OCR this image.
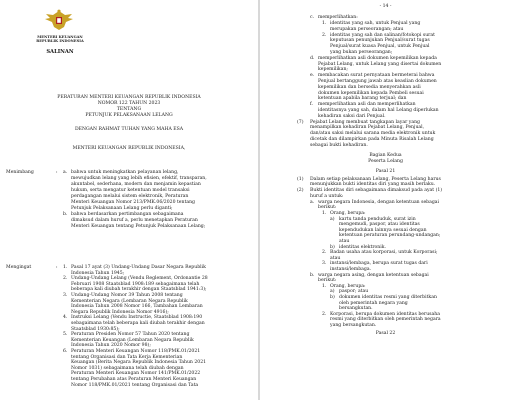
MENTERI KEUANGAN
REPUBLIK INDONESIA
SALINAN
PERATURAN MENTERI KEUANGAN REPUBLIK INDONESIA
NOMOR 122 TAHUN 2023
TENTANG
PETUNJUK PELAKSANAAN LELANG
DENGAN RAHMAT TUHAN YANG MAHA ESA
MENTERI KEUANGAN REPUBLIK INDONESIA,
Menimbang	: a. bahwa untuk meningkatkan pelayanan lelang,
mewujudkan lelang yang lebih efisien, efektif, transparan,
akuntabel, sederhana, modern dan menjamin kepastian
hukum, serta mengatur ketentuan model transaksi
perdagangan melalui sistem elektronik, Peraturan
Menteri Keuangan Nomor 213/PMK.06/2020 tentang
Petunjuk Pelaksanaan Lelang perlu diganti;
b. bahwa berdasarkan pertimbangan sebagaimana
dimaksud dalam huruf a, perlu menetapkan Peraturan
Menteri Keuangan tentang Petunjuk Pelaksanaan Lelang;
Mengingat	: 1. Pasal 17 ayat (3) Undang-Undang Dasar Negara Republik
Indonesia Tahun 1945;
2. Undang-Undang Lelang (Vendu Reglement, Ordonantie 28
Februari 1908 Staatsblad 1908:189 sebagaimana telah
beberapa kali diubah terakhir dengan Staatsblad 1941:3);
3. Undang-Undang Nomor 39 Tahun 2008 tentang
Kementerian Negara (Lembaran Negara Republik
Indonesia Tahun 2008 Nomor 166, Tambahan Lembaran
Negara Republik Indonesia Nomor 4916);
4. Instruksi Lelang (Vendu Instructie, Staatsblad 1908:190
sebagaimana telah beberapa kali diubah terakhir dengan
Staatsblad 1930:85);
5. Peraturan Presiden Nomor 57 Tahun 2020 tentang
Kementerian Keuangan (Lembaran Negara Republik
Indonesia Tahun 2020 Nomor 98);
6. Peraturan Menteri Keuangan Nomor 118/PMK.01/2021
tentang Organisasi dan Tata Kerja Kementerian
Keuangan (Berita Negara Republik Indonesia Tahun 2021
Nomor 1031) sebagaimana telah diubah dengan
Peraturan Menteri Keuangan Nomor 141/PMK.01/2022
tentang Perubahan atas Peraturan Menteri Keuangan
Nomor 118/PMK.01/2021 tentang Organisasi dan Tata
- 14 -
c. memperlihatkan:
1. identitas yang sah, untuk Penjual yang
merupakan perseorangan; atau
2. identitas yang sah dan salinan/fotokopi surat
keputusan penunjukan Penjual/surat tugas
Penjual/surat kuasa Penjual, untuk Penjual
yang bukan perseorangan;
d. memperlihatkan asli dokumen kepemilikan kepada
Pejabat Lelang, untuk Lelang yang disertai dokumen
kepemilikan;
e. membacakan surat pernyataan bermeterai bahwa
Penjual bertanggung jawab atas keaslian dokumen
kepemilikan dan bersedia menyerahkan asli
dokumen kepemilikan kepada Pembeli sesuai
ketentuan apabila barang terjual; dan
f. memperlihatkan asli dan memperlihatkan
identitasnya yang sah, dalam hal Lelang diperlukan
kehadiran saksi dari Penjual.
(7) Pejabat Lelang membuat tangkapan layar yang
menampilkan kehadiran Pejabat Lelang, Penjual,
dan/atau saksi melalui sarana media elektronik untuk
dicetak dan dilampirkan pada Minuta Risalah Lelang
sebagai bukti kehadiran.
Bagian Kedua
Peserta Lelang
Pasal 21
(1) Dalam setiap pelaksanaan Lelang, Peserta Lelang harus
menunjukkan bukti identitas diri yang masih berlaku.
(2) Bukti identitas diri sebagaimana dimaksud pada ayat (1)
huruf a untuk:
a. warga negara Indonesia, dengan ketentuan sebagai
berikut:
1. Orang, berupa:
a) kartu tanda penduduk, surat izin
mengemudi, paspor, atau identitas
kependudukan lainnya sesuai dengan
ketentuan peraturan perundang-undangan;
atau
b) identitas elektronik.
2. Badan usaha atau korporasi, untuk Korporasi;
atau
3. instansi/lembaga, berupa surat tugas dari
instansi/lembaga.
b. warga negara asing, dengan ketentuan sebagai
berikut:
1. Orang, berupa:
a) paspor; atau
b) dokumen identitas resmi yang diterbitkan
oleh pemerintah negara yang
bersangkutan.
2. Korporasi, berupa dokumen identitas berusaha
resmi yang diterbitkan oleh pemerintah negara
yang bersangkutan.
Pasal 22
